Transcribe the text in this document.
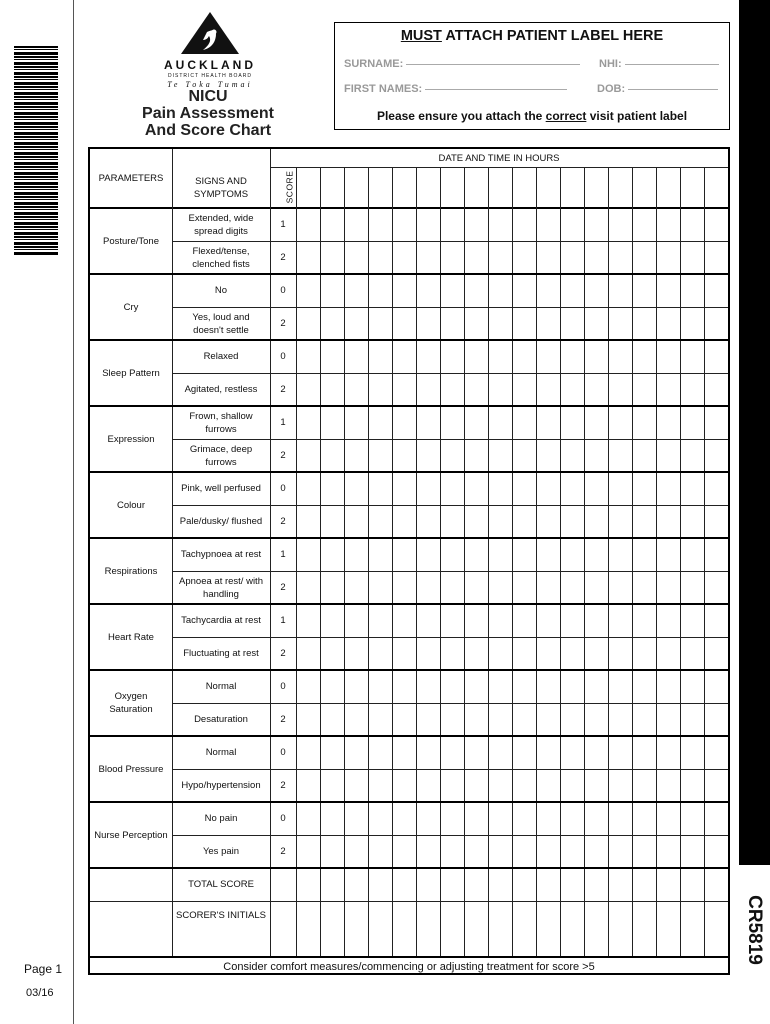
Page 1
03/16
AUCKLAND
DISTRICT HEALTH BOARD
Te Toka Tumai
NICU
Pain Assessment
And Score Chart
MUST ATTACH PATIENT LABEL HERE
SURNAME:	NHI:
FIRST NAMES:	DOB:
Please ensure you attach the correct visit patient label	P
A
I
N

A
S
S
E
S
S
M
E
N
T

A
N
D

S
C
O
R
E

C
H
A
R
T
CR5819
DATE AND TIME IN HOURS
PARAMETERS	SIGNS AND SYMPTOMS	SCORE
Posture/Tone
Extended, wide spread digits
1
Flexed/tense, clenched fists
2
Cry
No	0
Yes, loud and doesn't settle
2
Sleep Pattern
Relaxed	0
Agitated, restless	2
Expression
Frown, shallow furrows
1
Grimace, deep furrows
2
Colour
Pink, well perfused	0
Pale/dusky/ flushed	2
Respirations
Tachypnoea at rest	1
Apnoea at rest/ with handling
2
Heart Rate
Tachycardia at rest	1
Fluctuating at rest	2
Oxygen Saturation
Normal	0
Desaturation	2
Blood Pressure
Normal	0
Hypo/hypertension	2
Nurse Perception
No pain	0
Yes pain	2
TOTAL SCORE
SCORER'S INITIALS
Consider comfort measures/commencing or adjusting treatment for score >5
